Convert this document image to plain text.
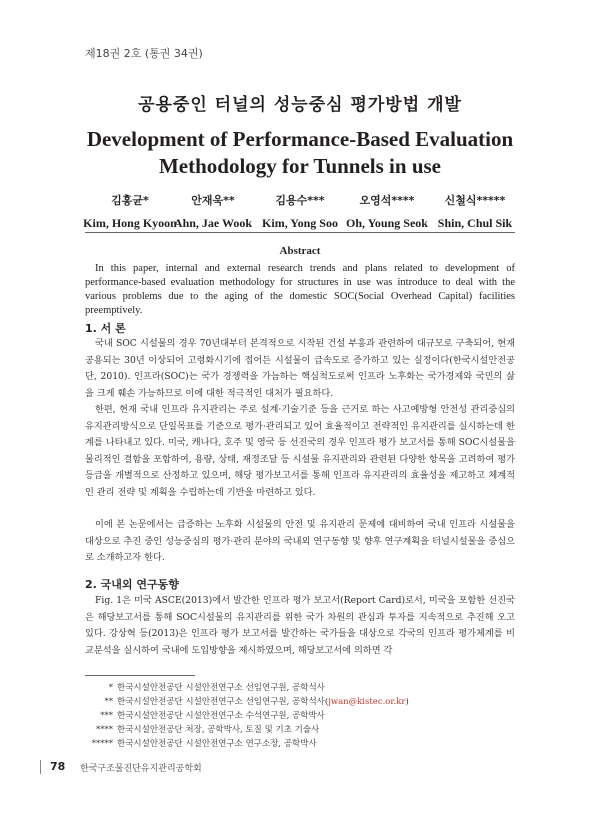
제18권 2호 (통권 34권)
공용중인 터널의 성능중심 평가방법 개발
Development of Performance-Based Evaluation Methodology for Tunnels in use
김홍균*
Kim, Hong Kyoon
안재욱**
Ahn, Jae Wook
김용수***
Kim, Yong Soo
오영석****
Oh, Young Seok
신철식*****
Shin, Chul Sik
Abstract
In this paper, internal and external research trends and plans related to development of performance-based evaluation methodology for structures in use was introduce to deal with the various problems due to the aging of the domestic SOC(Social Overhead Capital) facilities preemptively.
1. 서 론
국내 SOC 시설물의 경우 70년대부터 본격적으로 시작된 건설 부흥과 관련하여 대규모로 구축되어, 현재 공용되는 30년 이상되어 고령화시기에 접어든 시설물이 급속도로 증가하고 있는 실정이다(한국시설안전공단, 2010). 인프라(SOC)는 국가 경쟁력을 가늠하는 핵심척도로써 인프라 노후화는 국가경제와 국민의 삶을 크게 훼손 가능하므로 이에 대한 적극적인 대처가 필요하다.
한편, 현재 국내 인프라 유지관리는 주로 설계·기술기준 등을 근거로 하는 사고예방형 안전성 관리중심의 유지관리방식으로 단일목표를 기준으로 평가·관리되고 있어 효율적이고 전략적인 유지관리를 실시하는데 한계를 나타내고 있다. 미국, 캐나다, 호주 및 영국 등 선진국의 경우 인프라 평가 보고서를 통해 SOC시설물을 물리적인 결함을 포함하여, 용량, 상태, 재정조달 등 시설물 유지관리와 관련된 다양한 항목을 고려하여 평가등급을 개별적으로 산정하고 있으며, 해당 평가보고서를 통해 인프라 유지관리의 효율성을 제고하고 체계적인 관리 전략 및 계획을 수립하는데 기반을 마련하고 있다.
이에 본 논문에서는 급증하는 노후화 시설물의 안전 및 유지관리 문제에 대비하여 국내 인프라 시설물을 대상으로 추진 중인 성능중심의 평가·관리 분야의 국내외 연구동향 및 향후 연구계획을 터널시설물을 중심으로 소개하고자 한다.
2. 국내외 연구동향
Fig. 1은 미국 ASCE(2013)에서 발간한 인프라 평가 보고서(Report Card)로서, 미국을 포함한 선진국은 해당보고서를 통해 SOC시설물의 유지관리를 위한 국가 차원의 관심과 투자를 지속적으로 추진해 오고 있다. 강상혁 등(2013)은 인프라 평가 보고서를 발간하는 국가들을 대상으로 각국의 인프라 평가체계를 비교분석을 실시하여 국내에 도입방향을 제시하였으며, 해당보고서에 의하면 각
* 한국시설안전공단 시설안전연구소 선임연구원, 공학석사
** 한국시설안전공단 시설안전연구소 선임연구원, 공학석사(jwan@kistec.or.kr)
*** 한국시설안전공단 시설안전연구소 수석연구원, 공학박사
**** 한국시설안전공단 처장, 공학박사, 토질 및 기초 기술사
***** 한국시설안전공단 시설안전연구소 연구소장, 공학박사
78 한국구조물진단유지관리공학회
